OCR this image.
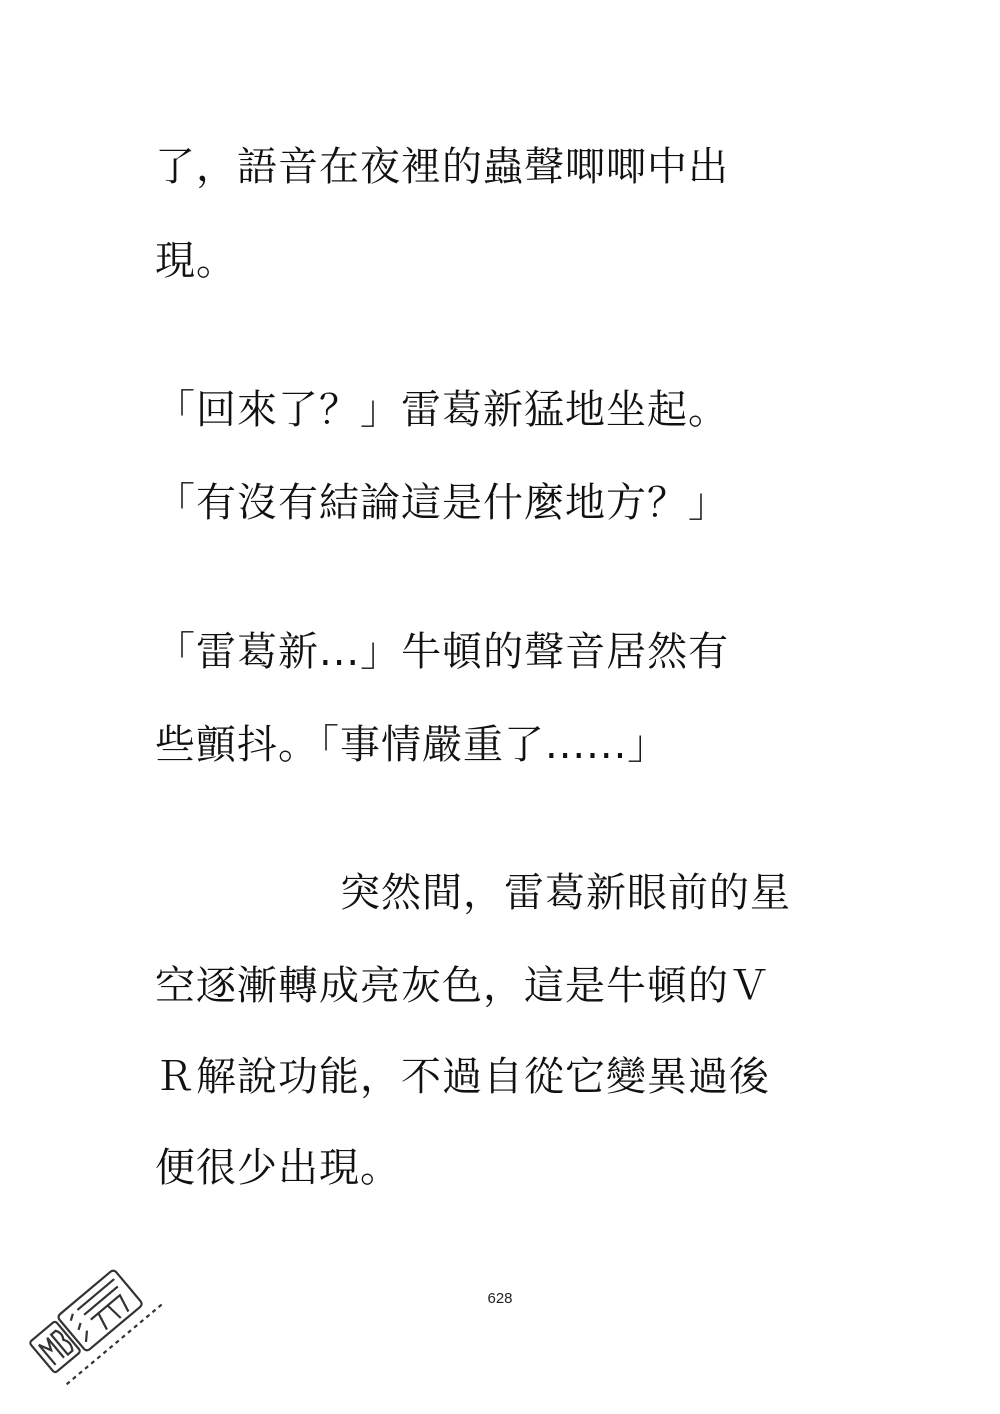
了，語音在夜裡的蟲聲唧唧中出
現。
「回來了？」雷葛新猛地坐起。
「有沒有結論這是什麼地方？」
「雷葛新...」牛頓的聲音居然有
些顫抖。「事情嚴重了......」
突然間，雷葛新眼前的星
空逐漸轉成亮灰色，這是牛頓的Ｖ
Ｒ解說功能，不過自從它變異過後
便很少出現。
628
